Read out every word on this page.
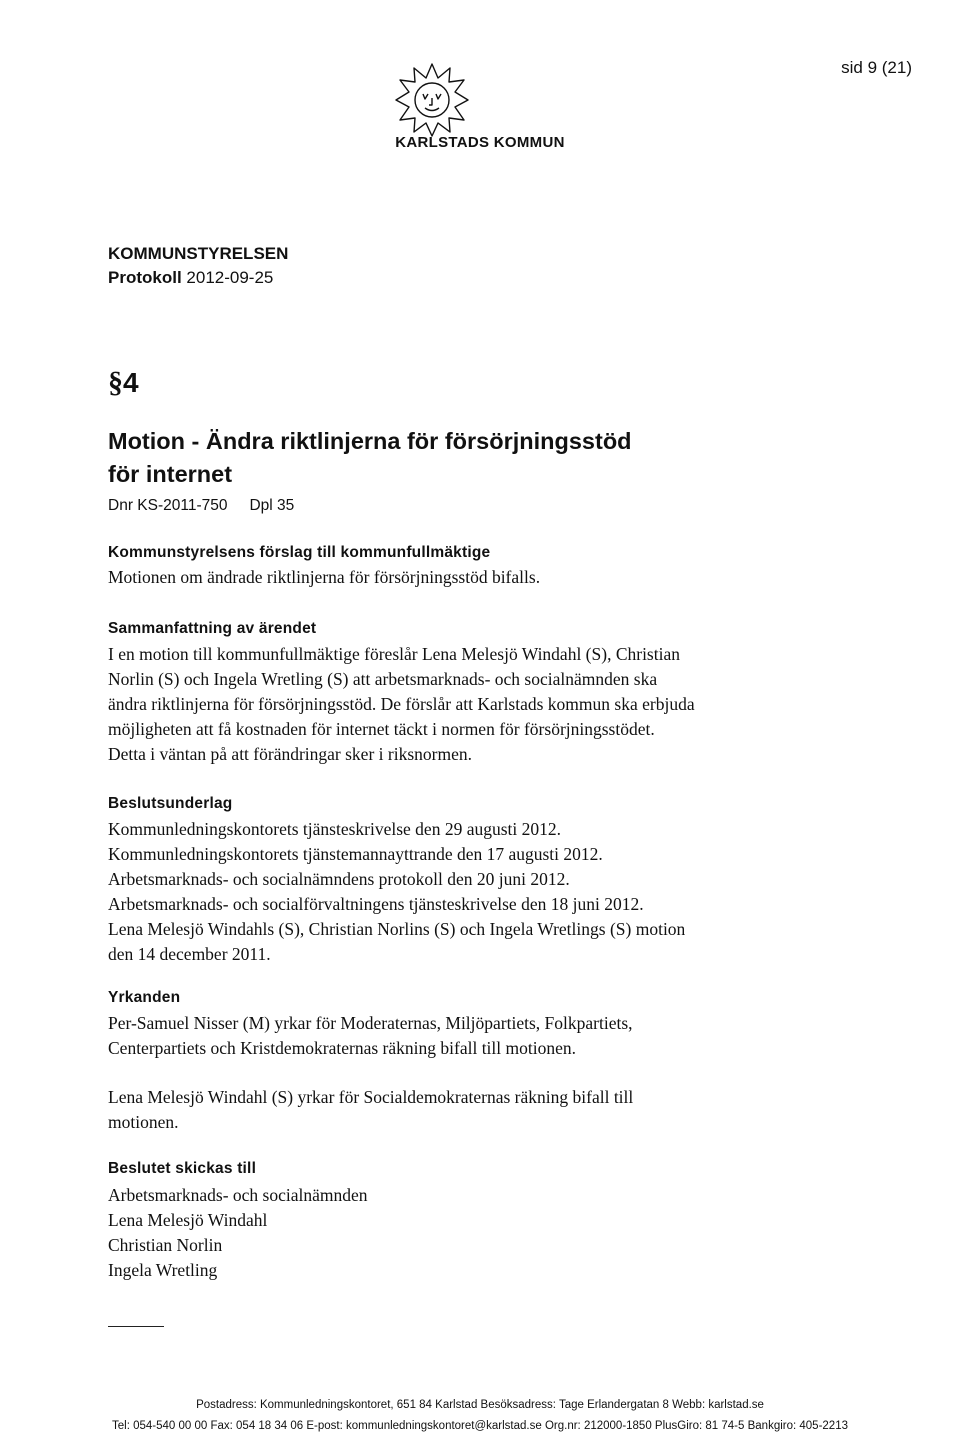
sid 9 (21)
KARLSTADS KOMMUN
KOMMUNSTYRELSEN
Protokoll 2012-09-25
§4
Motion - Ändra riktlinjerna för försörjningsstöd
för internet
Dnr KS-2011-750 Dpl 35
Kommunstyrelsens förslag till kommunfullmäktige
Motionen om ändrade riktlinjerna för försörjningsstöd bifalls.
Sammanfattning av ärendet
I en motion till kommunfullmäktige föreslår Lena Melesjö Windahl (S), Christian
Norlin (S) och Ingela Wretling (S) att arbetsmarknads- och socialnämnden ska
ändra riktlinjerna för försörjningsstöd. De förslår att Karlstads kommun ska erbjuda
möjligheten att få kostnaden för internet täckt i normen för försörjningsstödet.
Detta i väntan på att förändringar sker i riksnormen.
Beslutsunderlag
Kommunledningskontorets tjänsteskrivelse den 29 augusti 2012.
Kommunledningskontorets tjänstemannayttrande den 17 augusti 2012.
Arbetsmarknads- och socialnämndens protokoll den 20 juni 2012.
Arbetsmarknads- och socialförvaltningens tjänsteskrivelse den 18 juni 2012.
Lena Melesjö Windahls (S), Christian Norlins (S) och Ingela Wretlings (S) motion
den 14 december 2011.
Yrkanden
Per-Samuel Nisser (M) yrkar för Moderaternas, Miljöpartiets, Folkpartiets,
Centerpartiets och Kristdemokraternas räkning bifall till motionen.
Lena Melesjö Windahl (S) yrkar för Socialdemokraternas räkning bifall till
motionen.
Beslutet skickas till
Arbetsmarknads- och socialnämnden
Lena Melesjö Windahl
Christian Norlin
Ingela Wretling
Postadress: Kommunledningskontoret, 651 84 Karlstad Besöksadress: Tage Erlandergatan 8 Webb: karlstad.se
Tel: 054-540 00 00 Fax: 054 18 34 06 E-post: kommunledningskontoret@karlstad.se Org.nr: 212000-1850 PlusGiro: 81 74-5 Bankgiro: 405-2213
